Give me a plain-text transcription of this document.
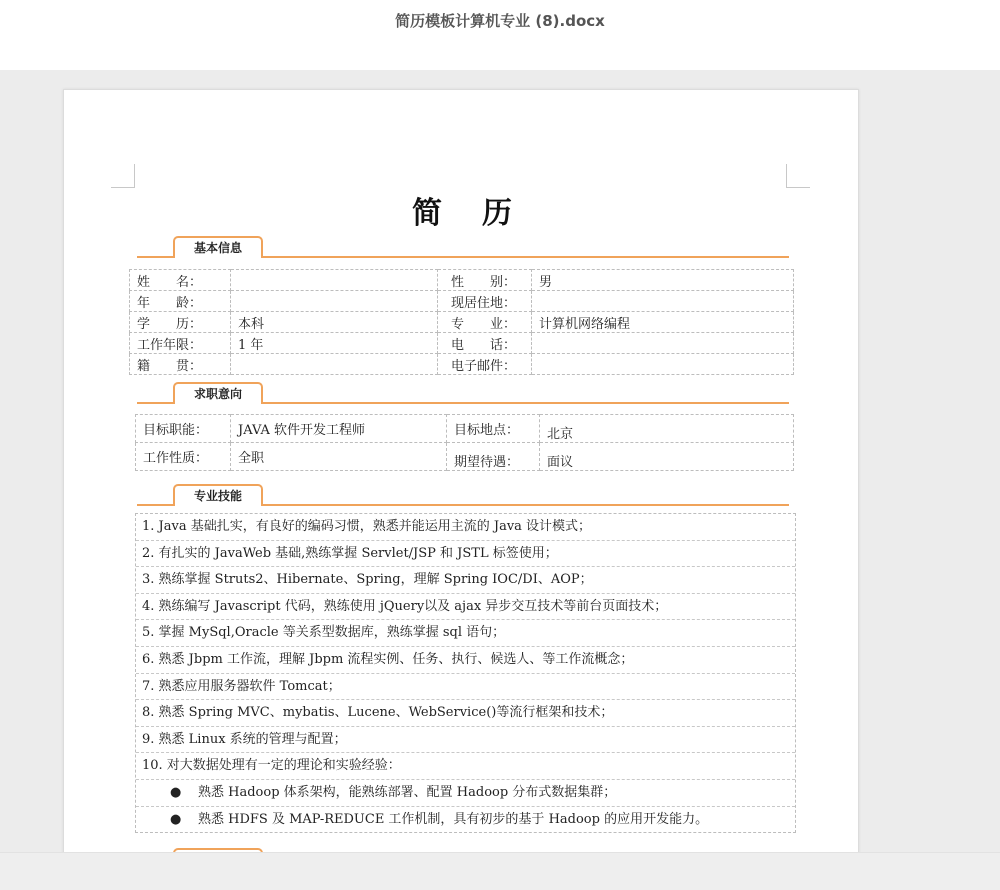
简历模板计算机专业 (8).docx
简历
基本信息
姓　　名：		性　　别：	男
年　　龄：		现居住地：	
学　　历：	本科	专　　业：	计算机网络编程
工作年限：	1 年	电　　话：	
籍　　贯：		电子邮件：	
求职意向
目标职能：	JAVA 软件开发工程师	目标地点：	北京

工作性质：	全职	期望待遇：	面议
专业技能
1. Java 基础扎实，有良好的编码习惯，熟悉并能运用主流的 Java 设计模式；
2. 有扎实的 JavaWeb 基础,熟练掌握 Servlet/JSP 和 JSTL 标签使用；
3. 熟练掌握 Struts2、Hibernate、Spring，理解 Spring IOC/DI、AOP；
4. 熟练编写 Javascript 代码，熟练使用 jQuery以及 ajax 异步交互技术等前台页面技术；
5. 掌握 MySql,Oracle 等关系型数据库，熟练掌握 sql 语句；
6. 熟悉 Jbpm 工作流，理解 Jbpm 流程实例、任务、执行、候选人、等工作流概念；
7. 熟悉应用服务器软件 Tomcat；
8. 熟悉 Spring MVC、mybatis、Lucene、WebService()等流行框架和技术；
9. 熟悉 Linux 系统的管理与配置；
10. 对大数据处理有一定的理论和实验经验：
● 熟悉 Hadoop 体系架构，能熟练部署、配置 Hadoop 分布式数据集群；
● 熟悉 HDFS 及 MAP-REDUCE 工作机制，具有初步的基于 Hadoop 的应用开发能力。
